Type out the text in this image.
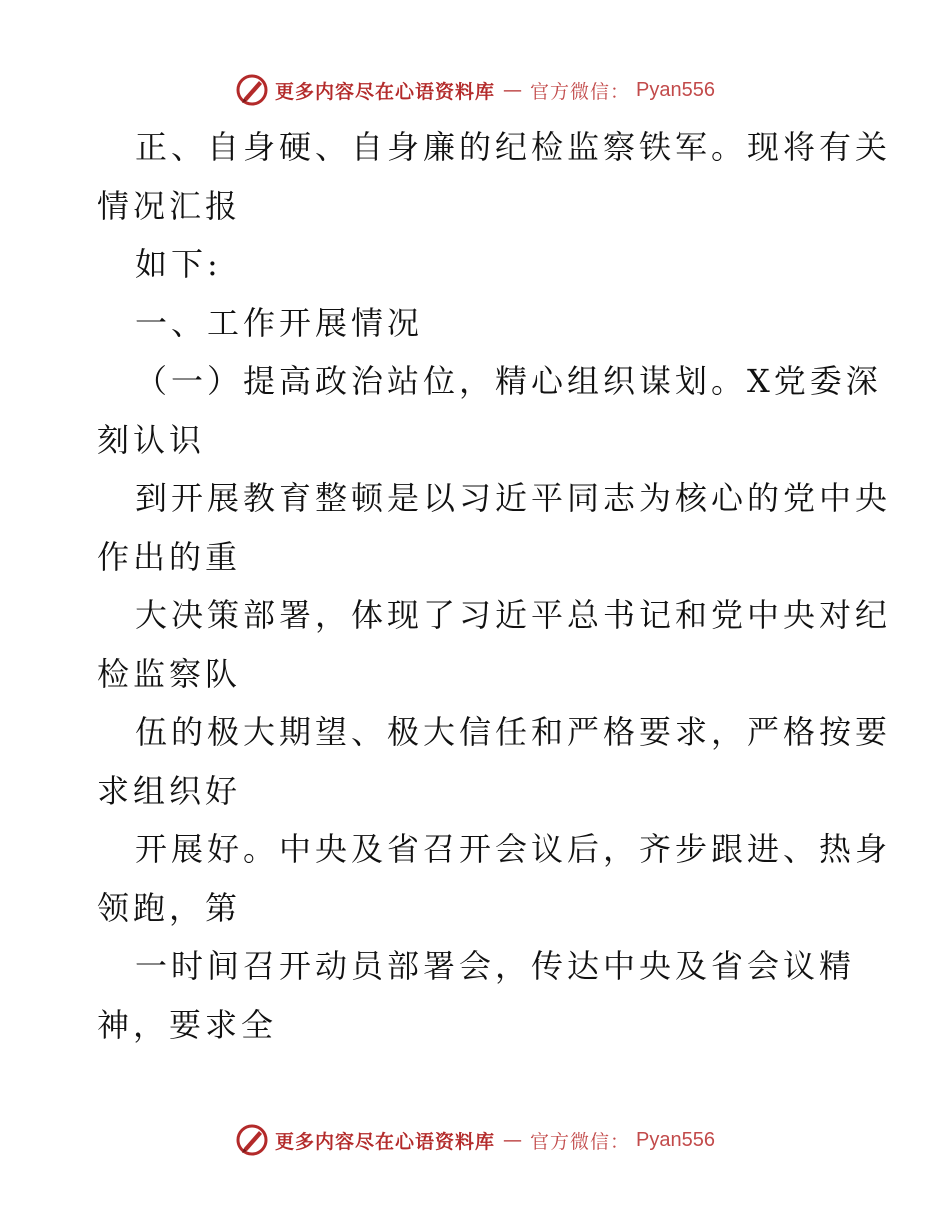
更多内容尽在心语资料库 — 官方微信： Pyan556
正、自身硬、自身廉的纪检监察铁军。现将有关
情况汇报
如下:
一、工作开展情况
（一）提高政治站位，精心组织谋划。X党委深
刻认识
到开展教育整顿是以习近平同志为核心的党中央
作出的重
大决策部署，体现了习近平总书记和党中央对纪
检监察队
伍的极大期望、极大信任和严格要求，严格按要
求组织好
开展好。中央及省召开会议后，齐步跟进、热身
领跑，第
一时间召开动员部署会，传达中央及省会议精
神，要求全
更多内容尽在心语资料库 — 官方微信： Pyan556
